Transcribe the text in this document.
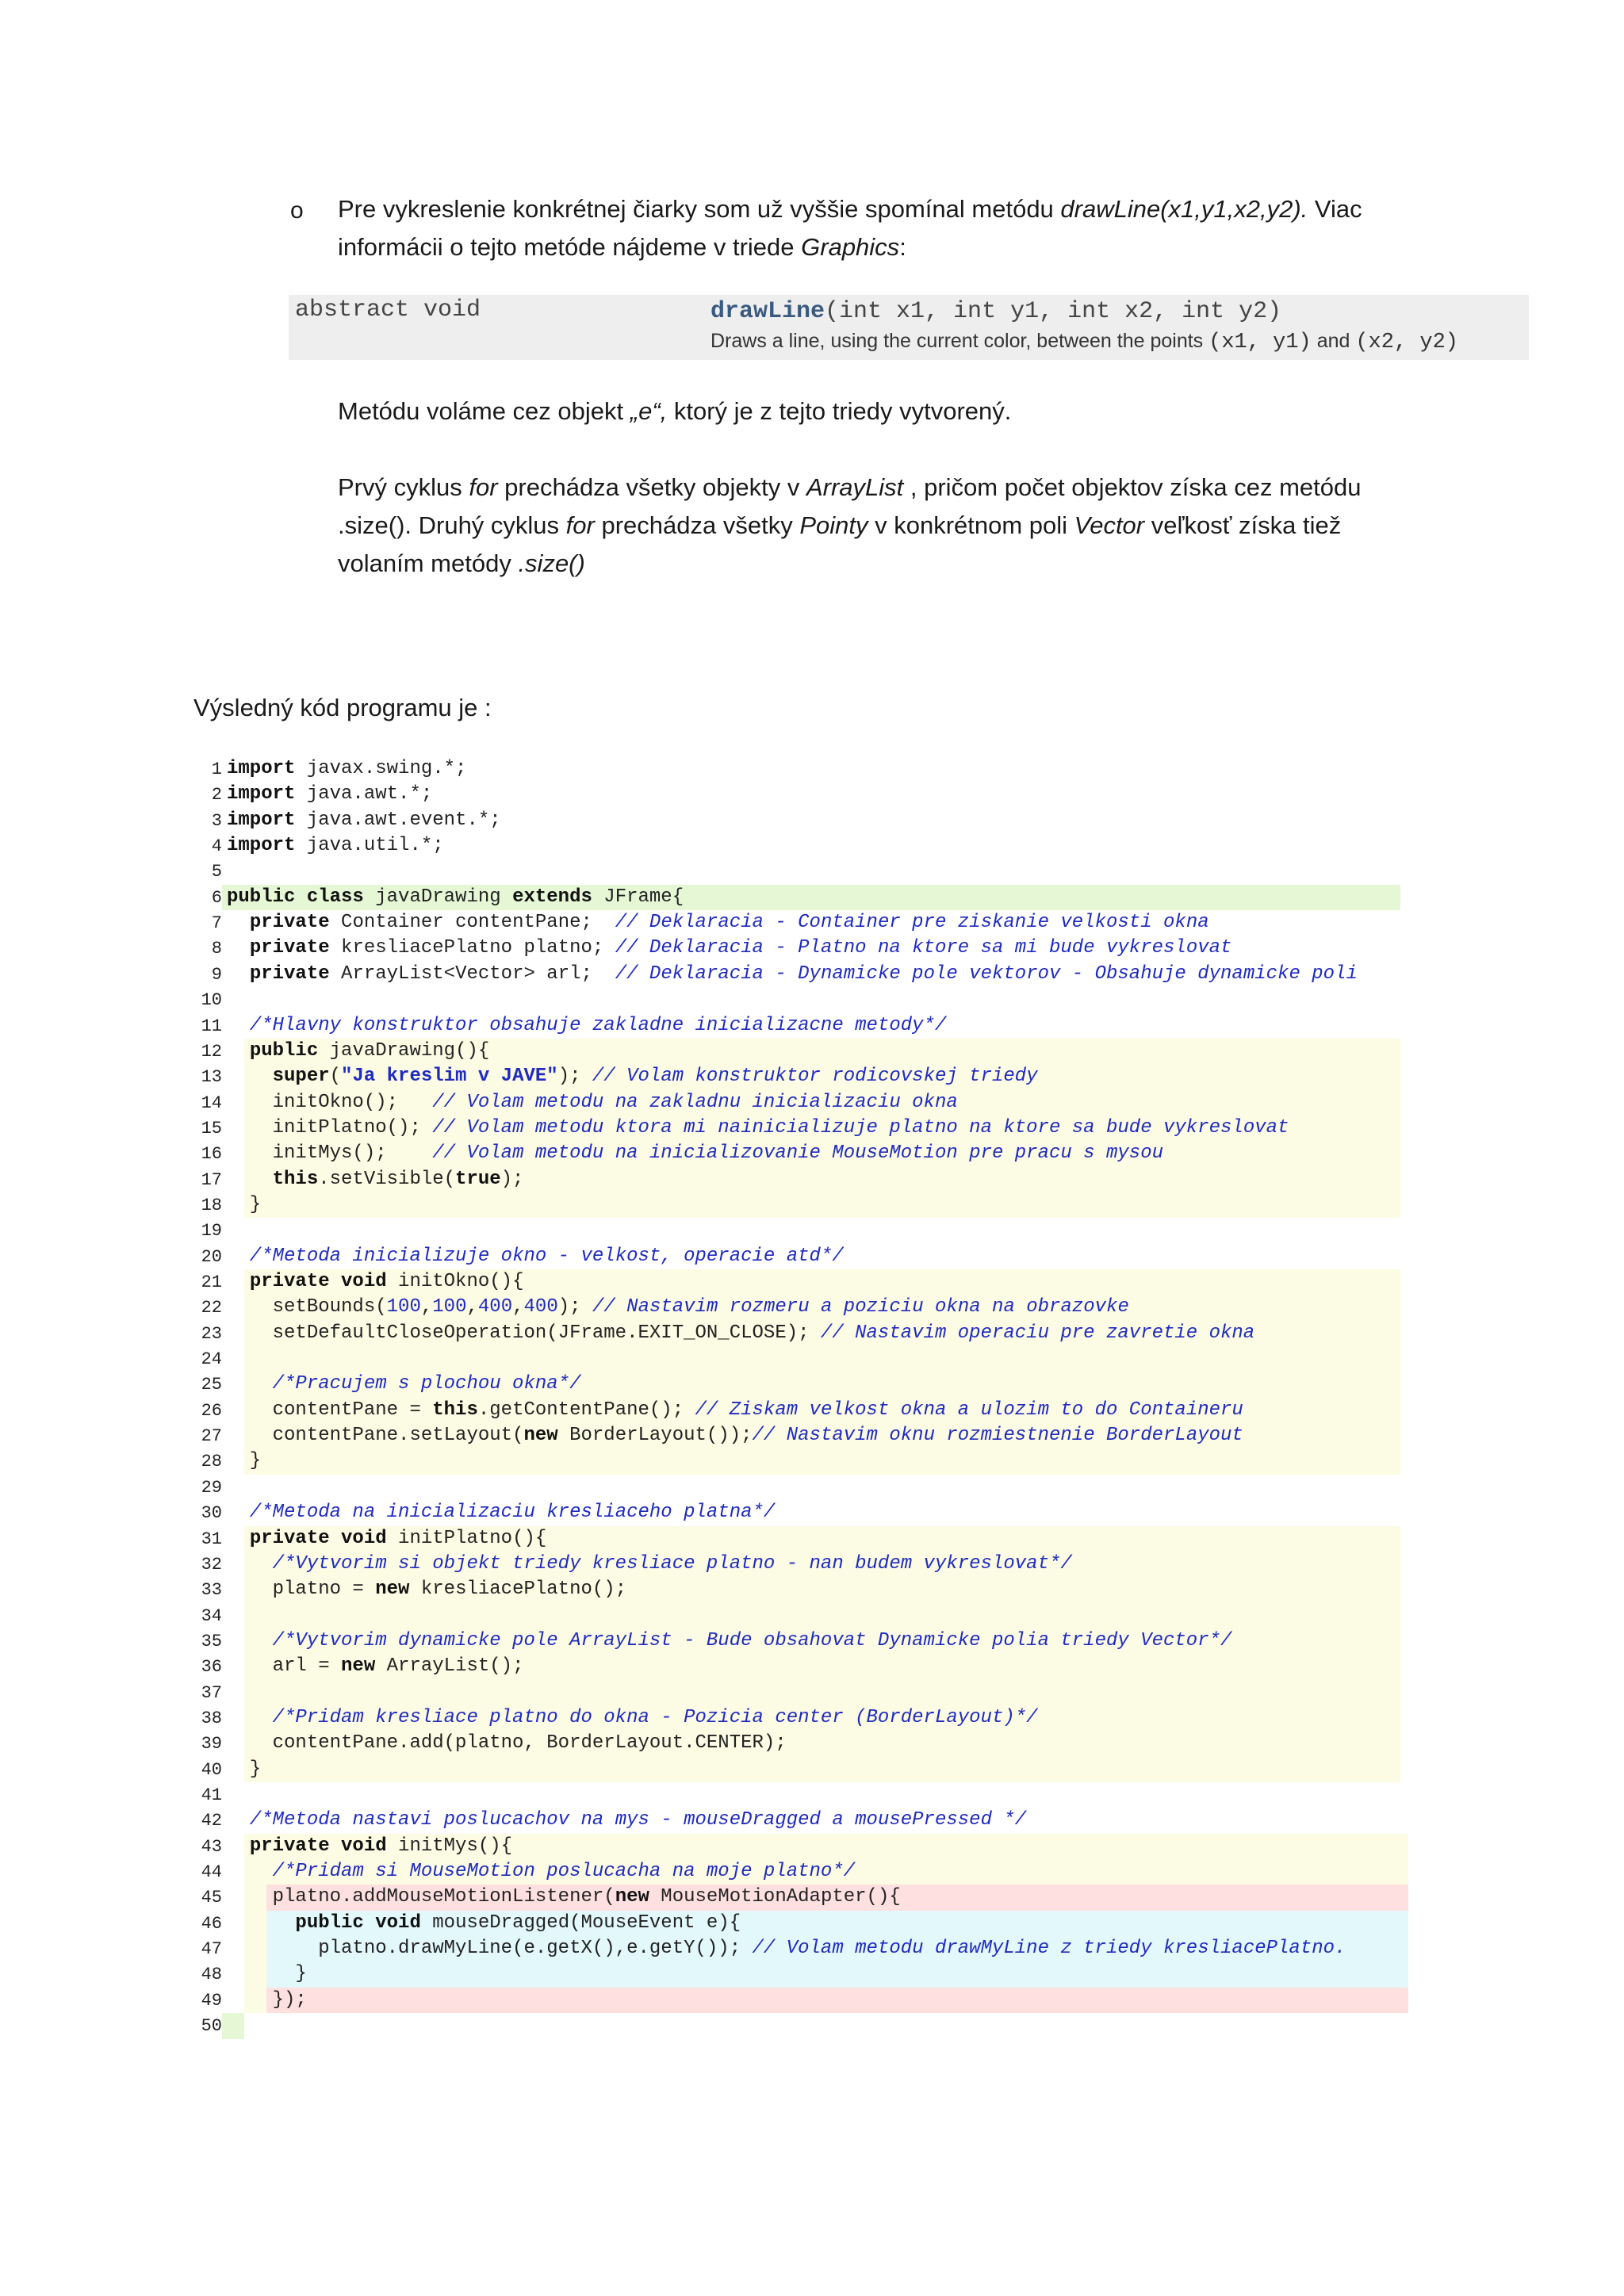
o Pre vykreslenie konkrétnej čiarky som už vyššie spomínal metódu drawLine(x1,y1,x2,y2). Viac informácii o tejto metóde nájdeme v triede Graphics:
abstract void	drawLine(int x1, int y1, int x2, int y2)
Draws a line, using the current color, between the points (x1, y1) and (x2, y2)
Metódu voláme cez objekt „e“, ktorý je z tejto triedy vytvorený.
Prvý cyklus for prechádza všetky objekty v ArrayList , pričom počet objektov získa cez metódu .size(). Druhý cyklus for prechádza všetky Pointy v konkrétnom poli Vector veľkosť získa tiež volaním metódy .size()
Výsledný kód programu je :
1 import javax.swing.*;
2 import java.awt.*;
3 import java.awt.event.*;
4 import java.util.*;
5
6 public class javaDrawing extends JFrame{
7	private Container contentPane;  // Deklaracia - Container pre ziskanie velkosti okna
8	private kresliacePlatno platno; // Deklaracia - Platno na ktore sa mi bude vykreslovat
9	private ArrayList<Vector> arl;  // Deklaracia - Dynamicke pole vektorov - Obsahuje dynamicke poli
10
11	/*Hlavny konstruktor obsahuje zakladne inicializacne metody*/
12	public javaDrawing(){
13	super("Ja kreslim v JAVE"); // Volam konstruktor rodicovskej triedy
14 initOkno();   // Volam metodu na zakladnu inicializaciu okna
15 initPlatno(); // Volam metodu ktora mi nainicializuje platno na ktore sa bude vykreslovat
16 initMys();    // Volam metodu na inicializovanie MouseMotion pre pracu s mysou
17	this.setVisible(true);
18 }
19
20	/*Metoda inicializuje okno - velkost, operacie atd*/
21	private void initOkno(){
22 setBounds(100,100,400,400); // Nastavim rozmeru a poziciu okna na obrazovke
23 setDefaultCloseOperation(JFrame.EXIT_ON_CLOSE); // Nastavim operaciu pre zavretie okna
24
25	/*Pracujem s plochou okna*/
26 contentPane = this.getContentPane(); // Ziskam velkost okna a ulozim to do Containeru
27 contentPane.setLayout(new BorderLayout());// Nastavim oknu rozmiestnenie BorderLayout
28 }
29
30	/*Metoda na inicializaciu kresliaceho platna*/
31	private void initPlatno(){
32	/*Vytvorim si objekt triedy kresliace platno - nan budem vykreslovat*/
33 platno = new kresliacePlatno();
34
35	/*Vytvorim dynamicke pole ArrayList - Bude obsahovat Dynamicke polia triedy Vector*/
36 arl = new ArrayList();
37
38	/*Pridam kresliace platno do okna - Pozicia center (BorderLayout)*/
39 contentPane.add(platno, BorderLayout.CENTER);
40 }
41
42	/*Metoda nastavi poslucachov na mys - mouseDragged a mousePressed */
43	private void initMys(){
44	/*Pridam si MouseMotion poslucacha na moje platno*/
45 platno.addMouseMotionListener(new MouseMotionAdapter(){
46	public void mouseDragged(MouseEvent e){
47 platno.drawMyLine(e.getX(),e.getY()); // Volam metodu drawMyLine z triedy kresliacePlatno.
48 }
49 });
50
